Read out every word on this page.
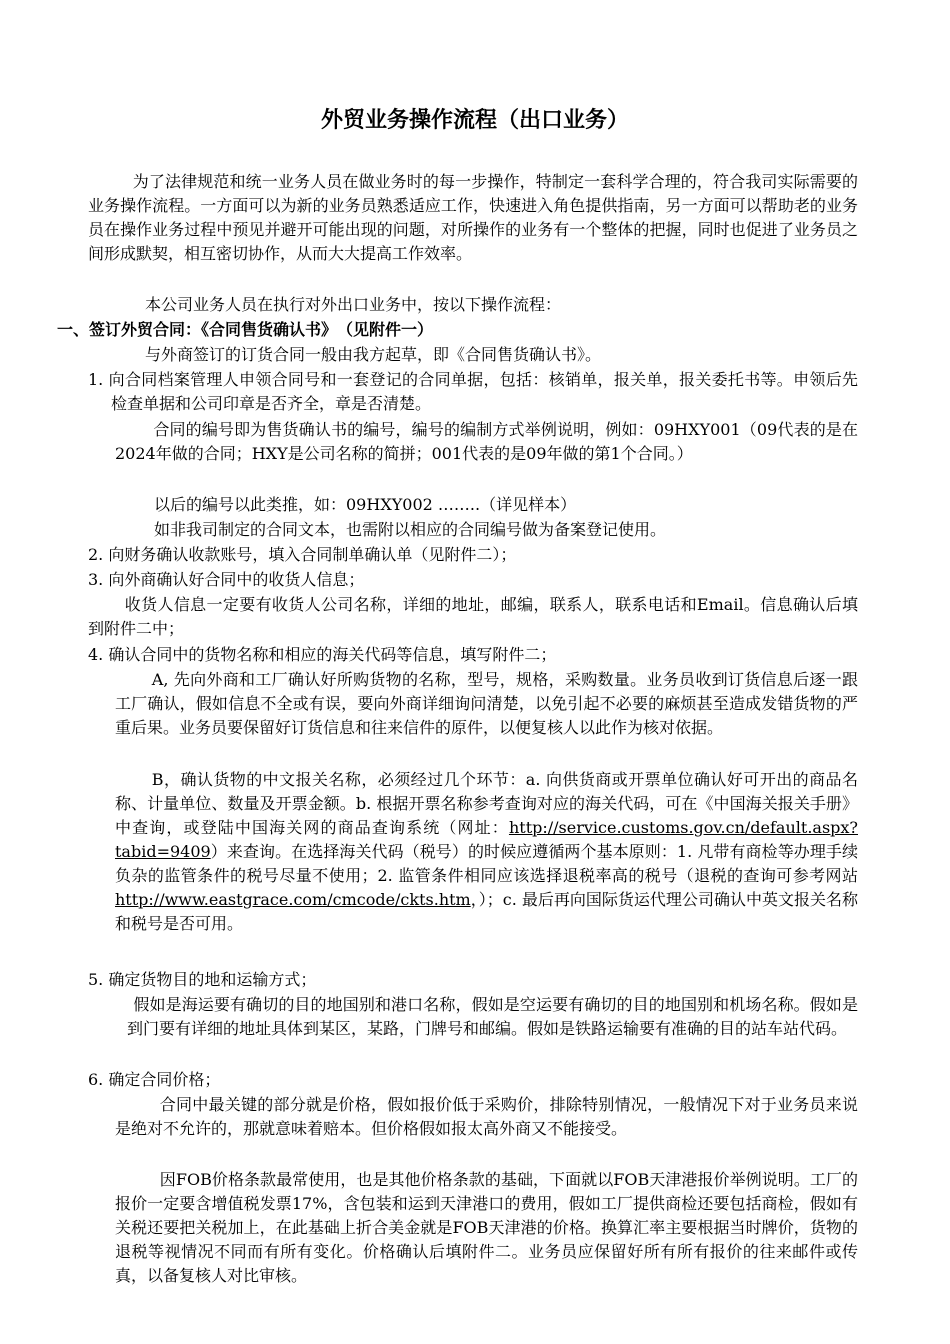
外贸业务操作流程（出口业务）
为了法律规范和统一业务人员在做业务时的每一步操作，特制定一套科学合理的，符合我司实际需要的业务操作流程。一方面可以为新的业务员熟悉适应工作，快速进入角色提供指南，另一方面可以帮助老的业务员在操作业务过程中预见并避开可能出现的问题，对所操作的业务有一个整体的把握，同时也促进了业务员之间形成默契，相互密切协作，从而大大提高工作效率。
本公司业务人员在执行对外出口业务中，按以下操作流程：
一、签订外贸合同：《合同售货确认书》　（见附件一）
与外商签订的订货合同一般由我方起草，即《合同售货确认书》。
1. 向合同档案管理人申领合同号和一套登记的合同单据，包括：核销单，报关单，报关委托书等。申领后先检查单据和公司印章是否齐全，章是否清楚。
合同的编号即为售货确认书的编号，编号的编制方式举例说明，例如：09HXY001（09代表的是在2024年做的合同；HXY是公司名称的简拼；001代表的是09年做的第1个合同。）
以后的编号以此类推，如：09HXY002 ……..（详见样本）
如非我司制定的合同文本，也需附以相应的合同编号做为备案登记使用。
2. 向财务确认收款账号，填入合同制单确认单（见附件二）；
3. 向外商确认好合同中的收货人信息；
收货人信息一定要有收货人公司名称，详细的地址，邮编，联系人，联系电话和Email。信息确认后填到附件二中；
4. 确认合同中的货物名称和相应的海关代码等信息，填写附件二；
A, 先向外商和工厂确认好所购货物的名称，型号，规格，采购数量。业务员收到订货信息后逐一跟工厂确认，假如信息不全或有误，要向外商详细询问清楚，以免引起不必要的麻烦甚至造成发错货物的严重后果。业务员要保留好订货信息和往来信件的原件，以便复核人以此作为核对依据。
B，确认货物的中文报关名称，必须经过几个环节：a. 向供货商或开票单位确认好可开出的商品名称、计量单位、数量及开票金额。b. 根据开票名称参考查询对应的海关代码，可在《中国海关报关手册》中查询，或登陆中国海关网的商品查询系统（网址：http://service.customs.gov.cn/default.aspx?tabid=9409）来查询。在选择海关代码（税号）的时候应遵循两个基本原则：1. 凡带有商检等办理手续负杂的监管条件的税号尽量不使用；2. 监管条件相同应该选择退税率高的税号（退税的查询可参考网站http://www.eastgrace.com/cmcode/ckts.htm，）；c. 最后再向国际货运代理公司确认中英文报关名称和税号是否可用。
5. 确定货物目的地和运输方式；
假如是海运要有确切的目的地国别和港口名称，假如是空运要有确切的目的地国别和机场名称。假如是到门要有详细的地址具体到某区，某路，门牌号和邮编。假如是铁路运输要有准确的目的站车站代码。
6. 确定合同价格；
合同中最关键的部分就是价格，假如报价低于采购价，排除特别情况，一般情况下对于业务员来说是绝对不允许的，那就意味着赔本。但价格假如报太高外商又不能接受。
因FOB价格条款最常使用，也是其他价格条款的基础，下面就以FOB天津港报价举例说明。工厂的报价一定要含增值税发票17%，含包装和运到天津港口的费用，假如工厂提供商检还要包括商检，假如有关税还要把关税加上，在此基础上折合美金就是FOB天津港的价格。换算汇率主要根据当时牌价，货物的退税等视情况不同而有所有变化。价格确认后填附件二。业务员应保留好所有所有报价的往来邮件或传真，以备复核人对比审核。
